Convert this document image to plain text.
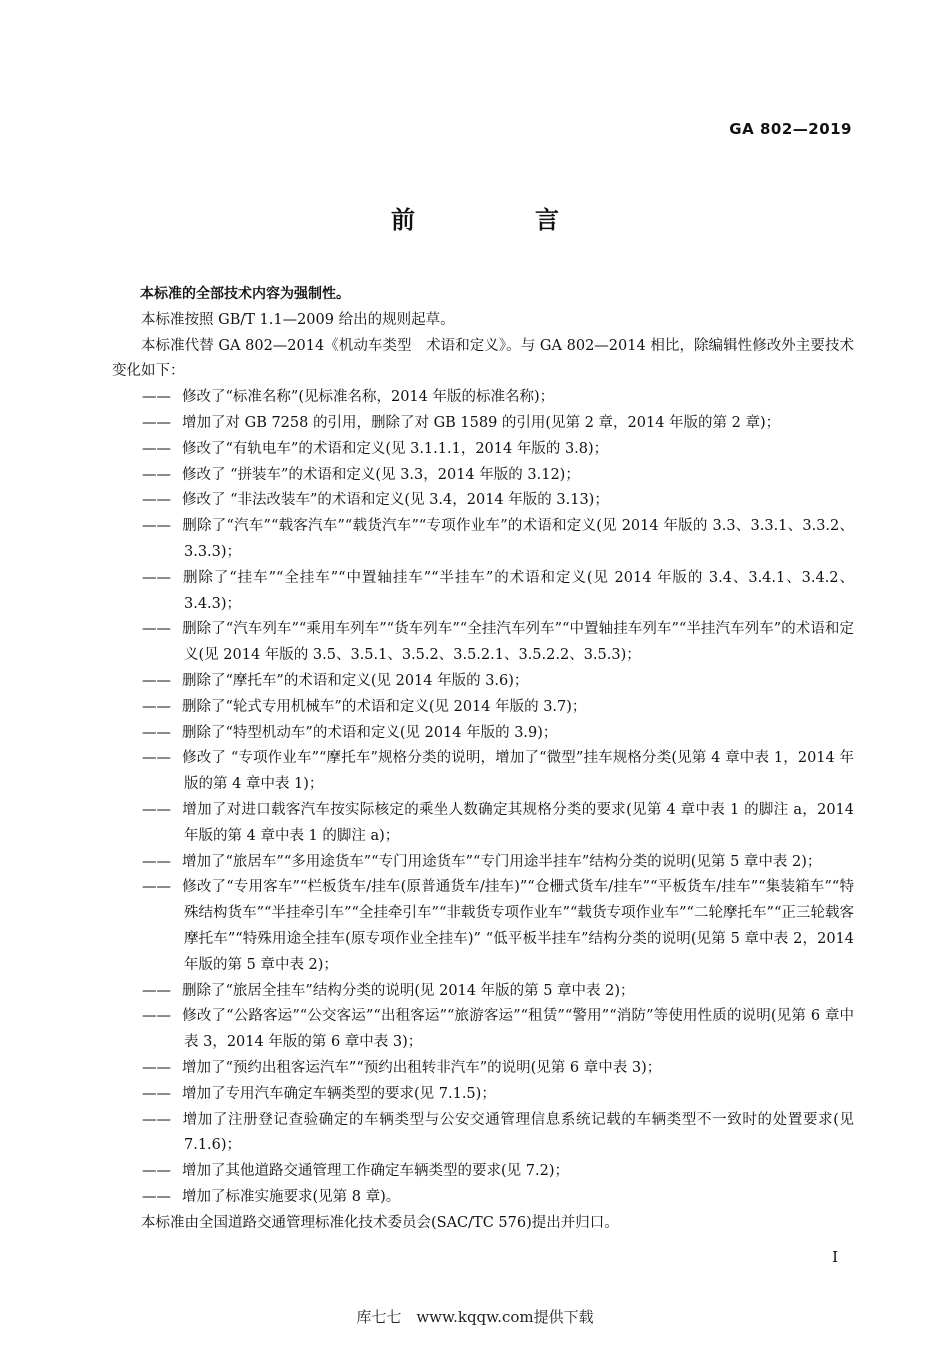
GA 802—2019
前　言

本标准的全部技术内容为强制性。

本标准按照 GB/T 1.1—2009 给出的规则起草。

本标准代替 GA 802—2014《机动车类型　术语和定义》。与 GA 802—2014 相比，除编辑性修改外主要技术变化如下：

—— 修改了“标准名称”(见标准名称，2014 年版的标准名称)；
—— 增加了对 GB 7258 的引用，删除了对 GB 1589 的引用(见第 2 章，2014 年版的第 2 章)；
—— 修改了“有轨电车”的术语和定义(见 3.1.1.1，2014 年版的 3.8)；
—— 修改了 “拼装车”的术语和定义(见 3.3，2014 年版的 3.12)；
—— 修改了 “非法改装车”的术语和定义(见 3.4，2014 年版的 3.13)；
—— 删除了“汽车”“载客汽车”“载货汽车”“专项作业车”的术语和定义(见 2014 年版的 3.3、3.3.1、3.3.2、3.3.3)；
—— 删除了“挂车”“全挂车”“中置轴挂车”“半挂车”的术语和定义(见 2014 年版的 3.4、3.4.1、3.4.2、3.4.3)；
—— 删除了“汽车列车”“乘用车列车”“货车列车”“全挂汽车列车”“中置轴挂车列车”“半挂汽车列车”的术语和定义(见 2014 年版的 3.5、3.5.1、3.5.2、3.5.2.1、3.5.2.2、3.5.3)；
—— 删除了“摩托车”的术语和定义(见 2014 年版的 3.6)；
—— 删除了“轮式专用机械车”的术语和定义(见 2014 年版的 3.7)；
—— 删除了“特型机动车”的术语和定义(见 2014 年版的 3.9)；
—— 修改了 “专项作业车”“摩托车”规格分类的说明，增加了“微型”挂车规格分类(见第 4 章中表 1，2014 年版的第 4 章中表 1)；
—— 增加了对进口载客汽车按实际核定的乘坐人数确定其规格分类的要求(见第 4 章中表 1 的脚注 a，2014 年版的第 4 章中表 1 的脚注 a)；
—— 增加了“旅居车”“多用途货车”“专门用途货车”“专门用途半挂车”结构分类的说明(见第 5 章中表 2)；
—— 修改了“专用客车”“栏板货车/挂车(原普通货车/挂车)”“仓栅式货车/挂车”“平板货车/挂车”“集装箱车”“特殊结构货车”“半挂牵引车”“全挂牵引车”“非载货专项作业车”“载货专项作业车”“二轮摩托车”“正三轮载客摩托车”“特殊用途全挂车(原专项作业全挂车)” “低平板半挂车”结构分类的说明(见第 5 章中表 2，2014 年版的第 5 章中表 2)；
—— 删除了“旅居全挂车”结构分类的说明(见 2014 年版的第 5 章中表 2)；
—— 修改了“公路客运”“公交客运”“出租客运”“旅游客运”“租赁”“警用”“消防”等使用性质的说明(见第 6 章中表 3，2014 年版的第 6 章中表 3)；
—— 增加了“预约出租客运汽车”“预约出租转非汽车”的说明(见第 6 章中表 3)；
—— 增加了专用汽车确定车辆类型的要求(见 7.1.5)；
—— 增加了注册登记查验确定的车辆类型与公安交通管理信息系统记载的车辆类型不一致时的处置要求(见 7.1.6)；
—— 增加了其他道路交通管理工作确定车辆类型的要求(见 7.2)；
—— 增加了标准实施要求(见第 8 章)。

本标准由全国道路交通管理标准化技术委员会(SAC/TC 576)提出并归口。

I
库七七　www.kqqw.com提供下载
